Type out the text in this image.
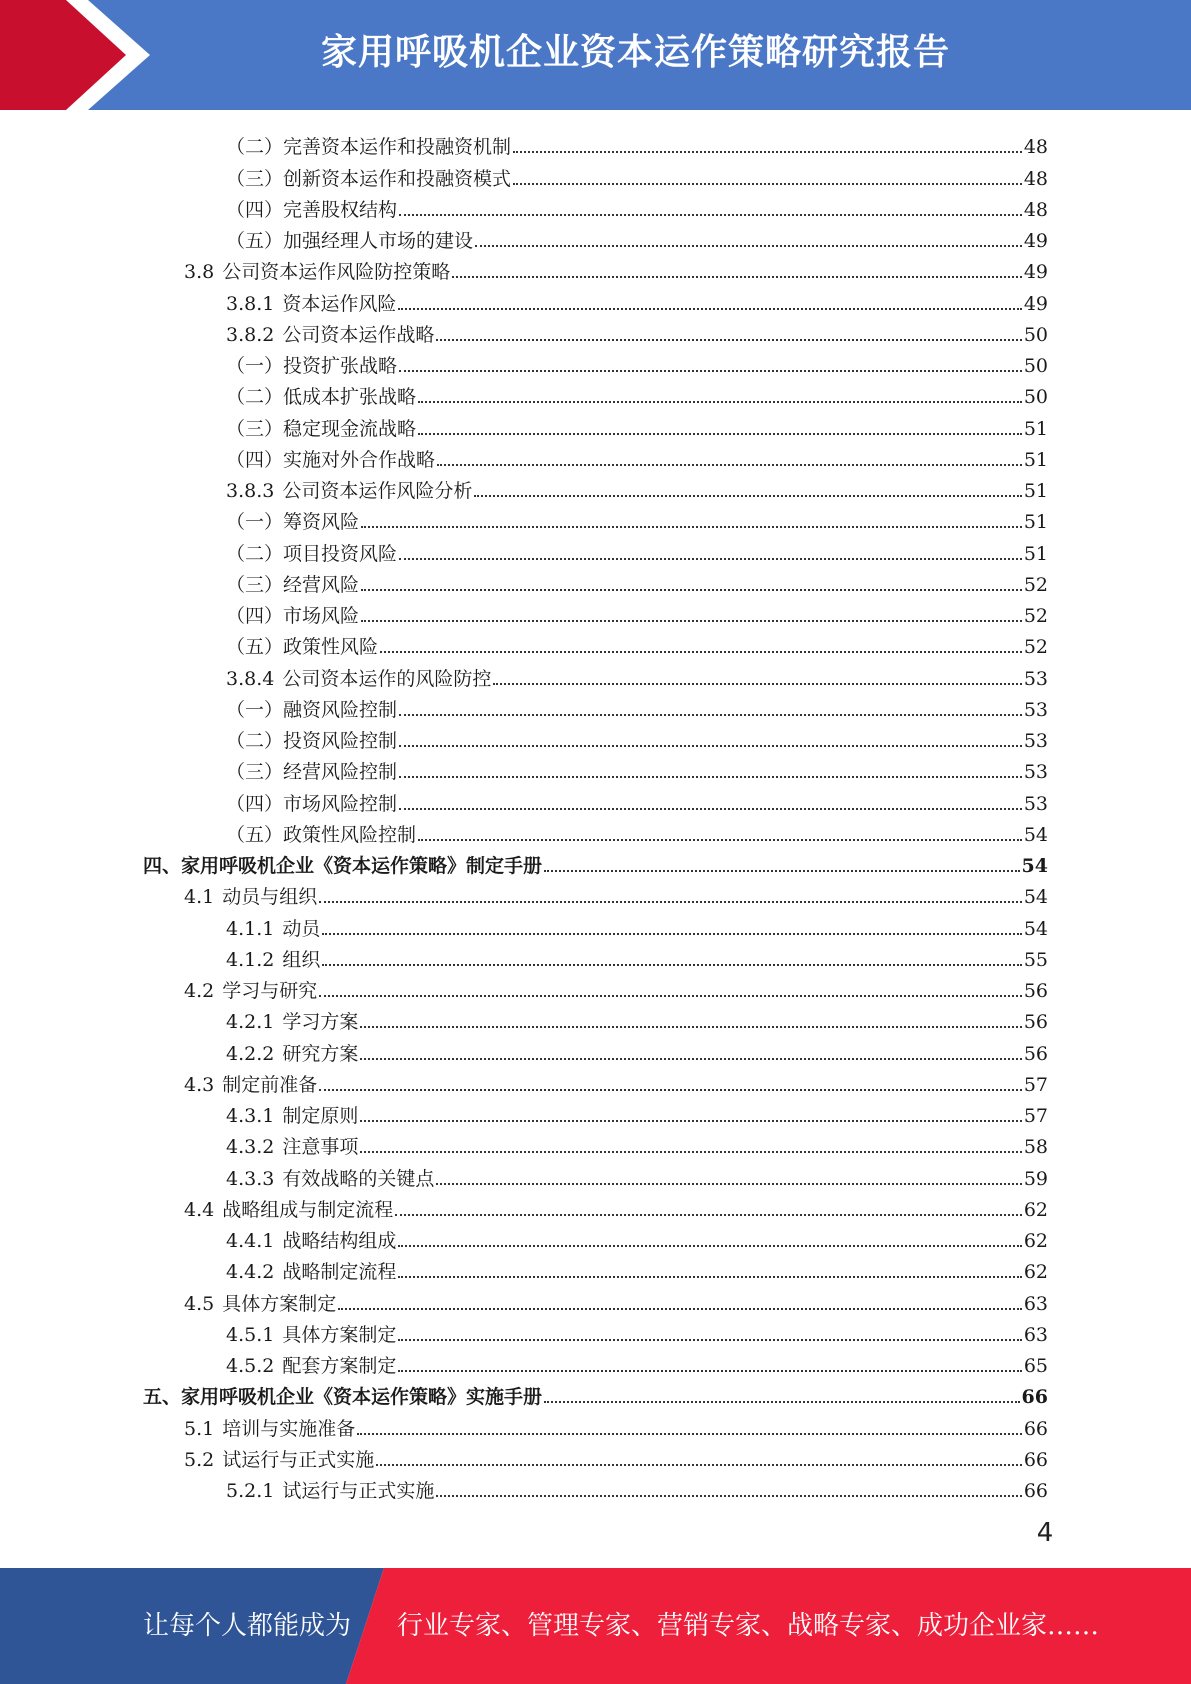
家用呼吸机企业资本运作策略研究报告
（二）完善资本运作和投融资机制	48
（三）创新资本运作和投融资模式	48
（四）完善股权结构	48
（五）加强经理人市场的建设	49
3.8 公司资本运作风险防控策略	49
3.8.1 资本运作风险	49
3.8.2 公司资本运作战略	50
（一）投资扩张战略	50
（二）低成本扩张战略	50
（三）稳定现金流战略	51
（四）实施对外合作战略	51
3.8.3 公司资本运作风险分析	51
（一）筹资风险	51
（二）项目投资风险	51
（三）经营风险	52
（四）市场风险	52
（五）政策性风险	52
3.8.4 公司资本运作的风险防控	53
（一）融资风险控制	53
（二）投资风险控制	53
（三）经营风险控制	53
（四）市场风险控制	53
（五）政策性风险控制	54
四、家用呼吸机企业《资本运作策略》制定手册	54
4.1 动员与组织	54
4.1.1 动员	54
4.1.2 组织	55
4.2 学习与研究	56
4.2.1 学习方案	56
4.2.2 研究方案	56
4.3 制定前准备	57
4.3.1 制定原则	57
4.3.2 注意事项	58
4.3.3 有效战略的关键点	59
4.4 战略组成与制定流程	62
4.4.1 战略结构组成	62
4.4.2 战略制定流程	62
4.5 具体方案制定	63
4.5.1 具体方案制定	63
4.5.2 配套方案制定	65
五、家用呼吸机企业《资本运作策略》实施手册	66
5.1 培训与实施准备	66
5.2 试运行与正式实施	66
5.2.1 试运行与正式实施	66
4
让每个人都能成为 行业专家、管理专家、营销专家、战略专家、成功企业家……
